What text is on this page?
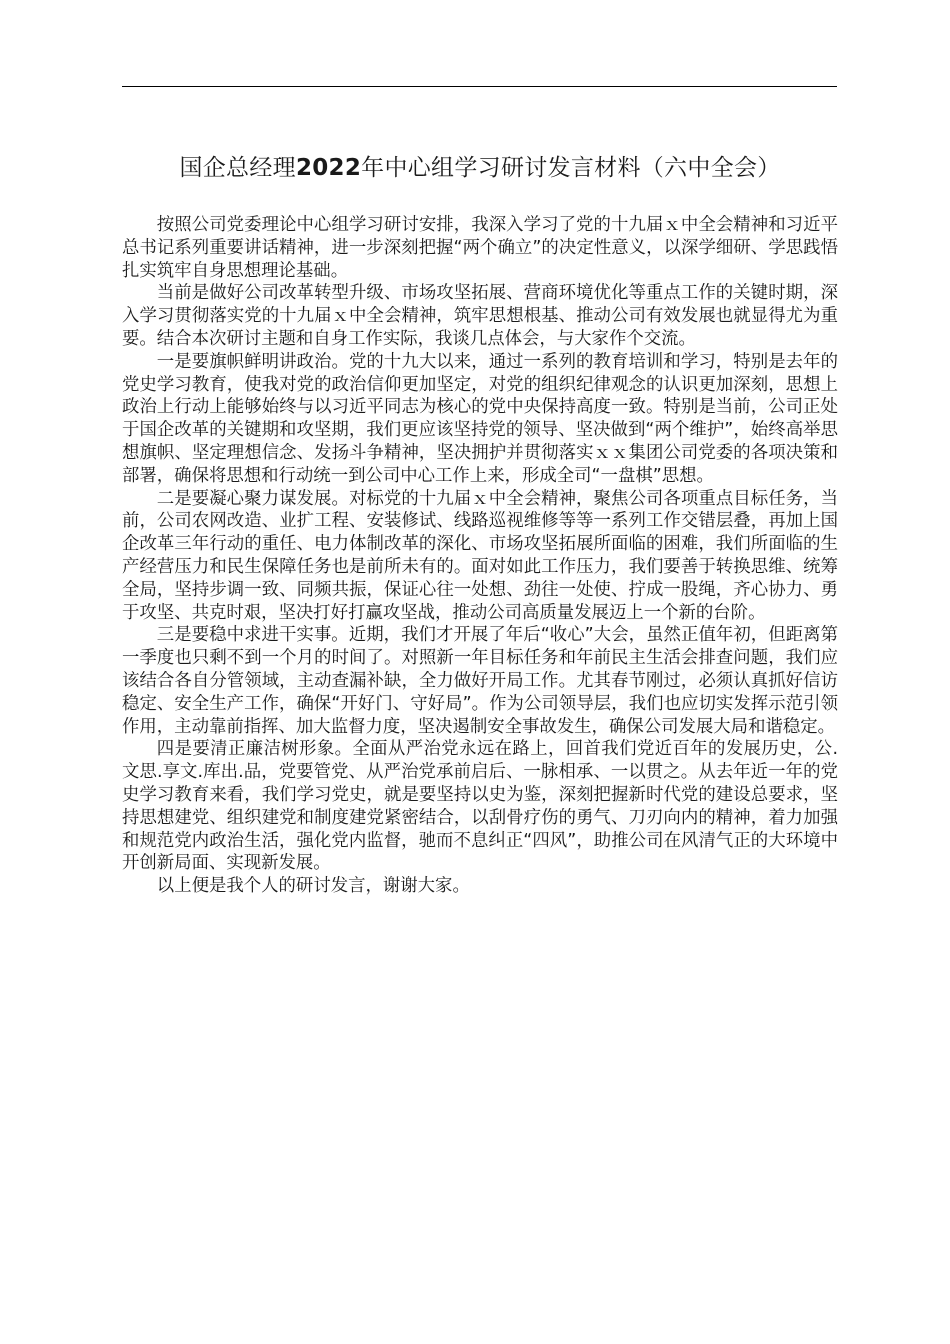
国企总经理2022年中心组学习研讨发言材料（六中全会）

按照公司党委理论中心组学习研讨安排，我深入学习了党的十九届ｘ中全会精神和习近平总书记系列重要讲话精神，进一步深刻把握“两个确立”的决定性意义，以深学细研、学思践悟扎实筑牢自身思想理论基础。

当前是做好公司改革转型升级、市场攻坚拓展、营商环境优化等重点工作的关键时期，深入学习贯彻落实党的十九届ｘ中全会精神，筑牢思想根基、推动公司有效发展也就显得尤为重要。结合本次研讨主题和自身工作实际，我谈几点体会，与大家作个交流。

一是要旗帜鲜明讲政治。党的十九大以来，通过一系列的教育培训和学习，特别是去年的党史学习教育，使我对党的政治信仰更加坚定，对党的组织纪律观念的认识更加深刻，思想上政治上行动上能够始终与以习近平同志为核心的党中央保持高度一致。特别是当前，公司正处于国企改革的关键期和攻坚期，我们更应该坚持党的领导、坚决做到“两个维护”，始终高举思想旗帜、坚定理想信念、发扬斗争精神，坚决拥护并贯彻落实ｘｘ集团公司党委的各项决策和部署，确保将思想和行动统一到公司中心工作上来，形成全司“一盘棋”思想。

二是要凝心聚力谋发展。对标党的十九届ｘ中全会精神，聚焦公司各项重点目标任务，当前，公司农网改造、业扩工程、安装修试、线路巡视维修等等一系列工作交错层叠，再加上国企改革三年行动的重任、电力体制改革的深化、市场攻坚拓展所面临的困难，我们所面临的生产经营压力和民生保障任务也是前所未有的。面对如此工作压力，我们要善于转换思维、统筹全局，坚持步调一致、同频共振，保证心往一处想、劲往一处使、拧成一股绳，齐心协力、勇于攻坚、共克时艰，坚决打好打赢攻坚战，推动公司高质量发展迈上一个新的台阶。

三是要稳中求进干实事。近期，我们才开展了年后“收心”大会，虽然正值年初，但距离第一季度也只剩不到一个月的时间了。对照新一年目标任务和年前民主生活会排查问题，我们应该结合各自分管领域，主动查漏补缺，全力做好开局工作。尤其春节刚过，必须认真抓好信访稳定、安全生产工作，确保“开好门、守好局”。作为公司领导层，我们也应切实发挥示范引领作用，主动靠前指挥、加大监督力度，坚决遏制安全事故发生，确保公司发展大局和谐稳定。

四是要清正廉洁树形象。全面从严治党永远在路上，回首我们党近百年的发展历史，公.文思.享文.库出.品，党要管党、从严治党承前启后、一脉相承、一以贯之。从去年近一年的党史学习教育来看，我们学习党史，就是要坚持以史为鉴，深刻把握新时代党的建设总要求，坚持思想建党、组织建党和制度建党紧密结合，以刮骨疗伤的勇气、刀刃向内的精神，着力加强和规范党内政治生活，强化党内监督，驰而不息纠正“四风”，助推公司在风清气正的大环境中开创新局面、实现新发展。

以上便是我个人的研讨发言，谢谢大家。
